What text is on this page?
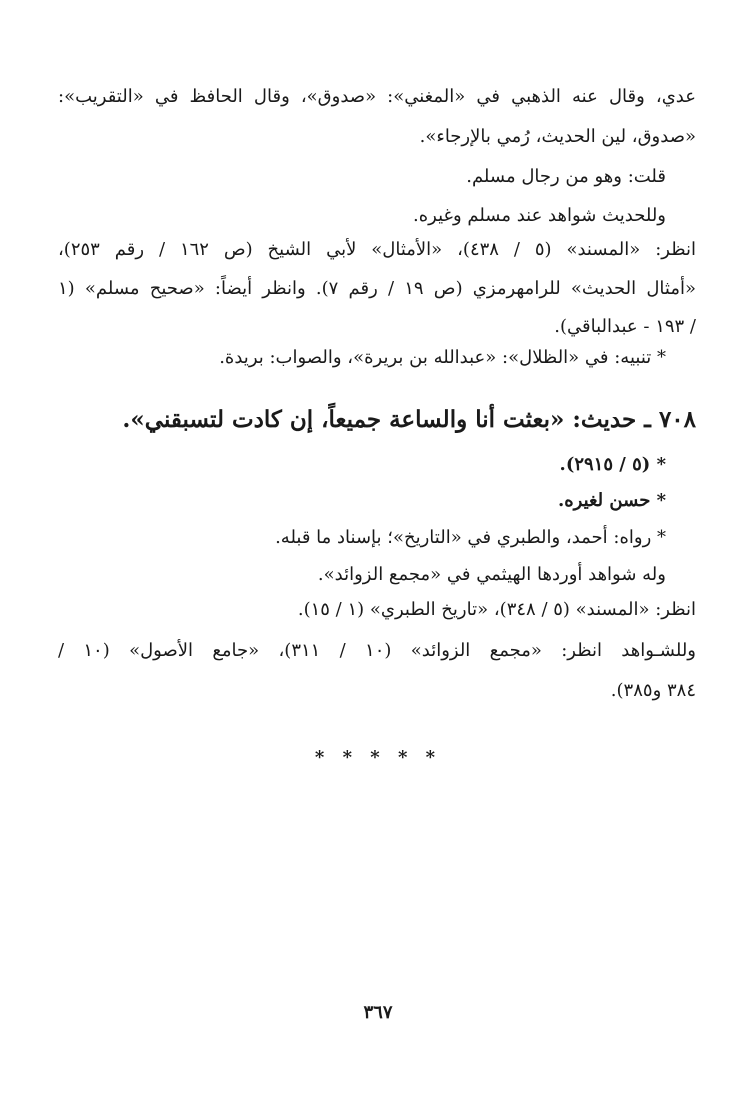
عدي، وقال عنه الذهبي في «المغني»: «صدوق»، وقال الحافظ في «التقريب»:
«صدوق، لين الحديث، رُمي بالإرجاء».
قلت: وهو من رجال مسلم.
وللحديث شواهد عند مسلم وغيره.
انظر: «المسند» (٥ / ٤٣٨)، «الأمثال» لأبي الشيخ (ص ١٦٢ / رقم ٢٥٣)،
«أمثال الحديث» للرامهرمزي (ص ١٩ / رقم ٧). وانظر أيضاً: «صحيح مسلم» (١
/ ١٩٣ - عبدالباقي).
* تنبيه: في «الظلال»: «عبدالله بن بريرة»، والصواب: بريدة.
٧٠٨ ـ حديث: «بعثت أنا والساعة جميعاً، إن كادت لتسبقني».
* (٥ / ٢٩١٥).
* حسن لغيره.
* رواه: أحمد، والطبري في «التاريخ»؛ بإسناد ما قبله.
وله شواهد أوردها الهيثمي في «مجمع الزوائد».
انظر: «المسند» (٥ / ٣٤٨)، «تاريخ الطبري» (١ / ١٥).
وللشـواهد انظر: «مجمع الزوائد» (١٠ / ٣١١)، «جامع الأصول» (١٠ /
٣٨٤ و٣٨٥).
* * * * *
٣٦٧
